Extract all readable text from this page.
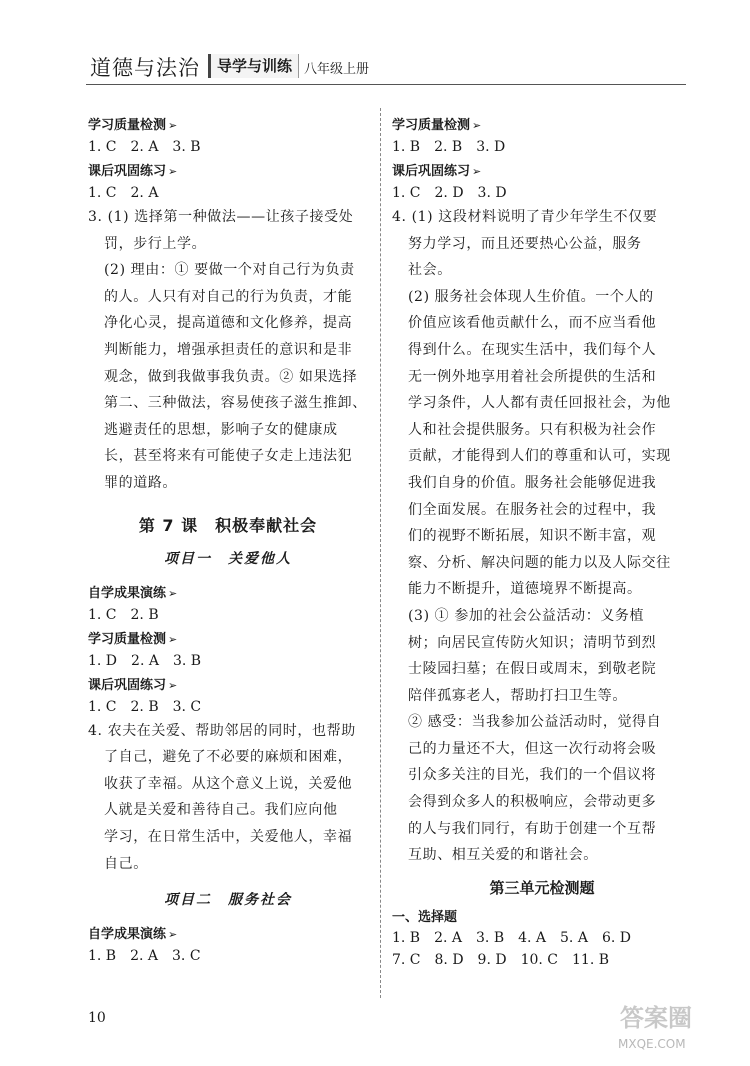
道德与法治	导学与训练 八年级上册
学习质量检测 ➢
1. C　2. A　3. B
课后巩固练习 ➢
1. C　2. A
3. (1) 选择第一种做法——让孩子接受处
罚，步行上学。
(2) 理由：① 要做一个对自己行为负责
的人。人只有对自己的行为负责，才能
净化心灵，提高道德和文化修养，提高
判断能力，增强承担责任的意识和是非
观念，做到我做事我负责。② 如果选择
第二、三种做法，容易使孩子滋生推卸、
逃避责任的思想，影响子女的健康成
长，甚至将来有可能使子女走上违法犯
罪的道路。
第 7 课　积极奉献社会
项目一　关爱他人
自学成果演练 ➢
1. C　2. B
学习质量检测 ➢
1. D　2. A　3. B
课后巩固练习 ➢
1. C　2. B　3. C
4. 农夫在关爱、帮助邻居的同时，也帮助
了自己，避免了不必要的麻烦和困难，
收获了幸福。从这个意义上说，关爱他
人就是关爱和善待自己。我们应向他
学习，在日常生活中，关爱他人，幸福
自己。
项目二　服务社会
自学成果演练 ➢
1. B　2. A　3. C
学习质量检测 ➢
1. B　2. B　3. D
课后巩固练习 ➢
1. C　2. D　3. D
4. (1) 这段材料说明了青少年学生不仅要
努力学习，而且还要热心公益，服务
社会。
(2) 服务社会体现人生价值。一个人的
价值应该看他贡献什么，而不应当看他
得到什么。在现实生活中，我们每个人
无一例外地享用着社会所提供的生活和
学习条件，人人都有责任回报社会，为他
人和社会提供服务。只有积极为社会作
贡献，才能得到人们的尊重和认可，实现
我们自身的价值。服务社会能够促进我
们全面发展。在服务社会的过程中，我
们的视野不断拓展，知识不断丰富，观
察、分析、解决问题的能力以及人际交往
能力不断提升，道德境界不断提高。
(3) ① 参加的社会公益活动：义务植
树；向居民宣传防火知识；清明节到烈
士陵园扫墓；在假日或周末，到敬老院
陪伴孤寡老人，帮助打扫卫生等。
② 感受：当我参加公益活动时，觉得自
己的力量还不大，但这一次行动将会吸
引众多关注的目光，我们的一个倡议将
会得到众多人的积极响应，会带动更多
的人与我们同行，有助于创建一个互帮
互助、相互关爱的和谐社会。
第三单元检测题
一、选择题
1. B　2. A　3. B　4. A　5. A　6. D
7. C　8. D　9. D　10. C　11. B
10	答案圈
MXQE.COM
